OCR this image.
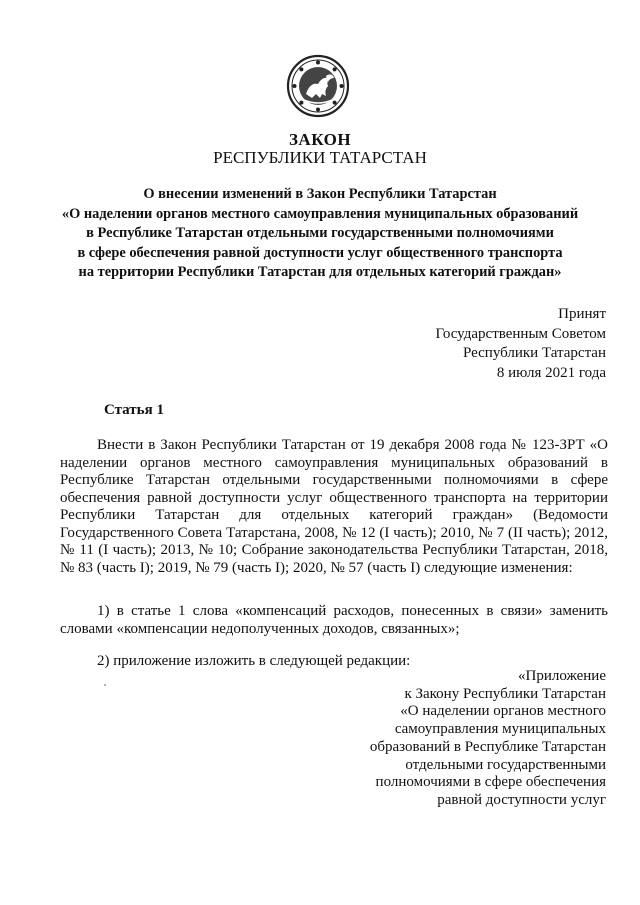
ЗАКОН

РЕСПУБЛИКИ ТАТАРСТАН

О внесении изменений в Закон Республики Татарстан
«О наделении органов местного самоуправления муниципальных образований
в Республике Татарстан отдельными государственными полномочиями
в сфере обеспечения равной доступности услуг общественного транспорта
на территории Республики Татарстан для отдельных категорий граждан»
Принят
Государственным Советом
Республики Татарстан
8 июля 2021 года

Статья 1

Внести в Закон Республики Татарстан от 19 декабря 2008 года № 123-ЗРТ «О наделении органов местного самоуправления муниципальных образований в Республике Татарстан отдельными государственными полномочиями в сфере обеспечения равной доступности услуг общественного транспорта на территории Республики Татарстан для отдельных категорий граждан» (Ведомости Государственного Совета Татарстана, 2008, № 12 (I часть); 2010, № 7 (II часть); 2012, № 11 (I часть); 2013, № 10; Собрание законодательства Республики Татарстан, 2018, № 83 (часть I); 2019, № 79 (часть I); 2020, № 57 (часть I) следующие изменения:

1) в статье 1 слова «компенсаций расходов, понесенных в связи» заменить словами «компенсации недополученных доходов, связанных»;

2) приложение изложить в следующей редакции:

«Приложение
к Закону Республики Татарстан
«О наделении органов местного
самоуправления муниципальных
образований в Республике Татарстан
отдельными государственными
полномочиями в сфере обеспечения
равной доступности услуг
